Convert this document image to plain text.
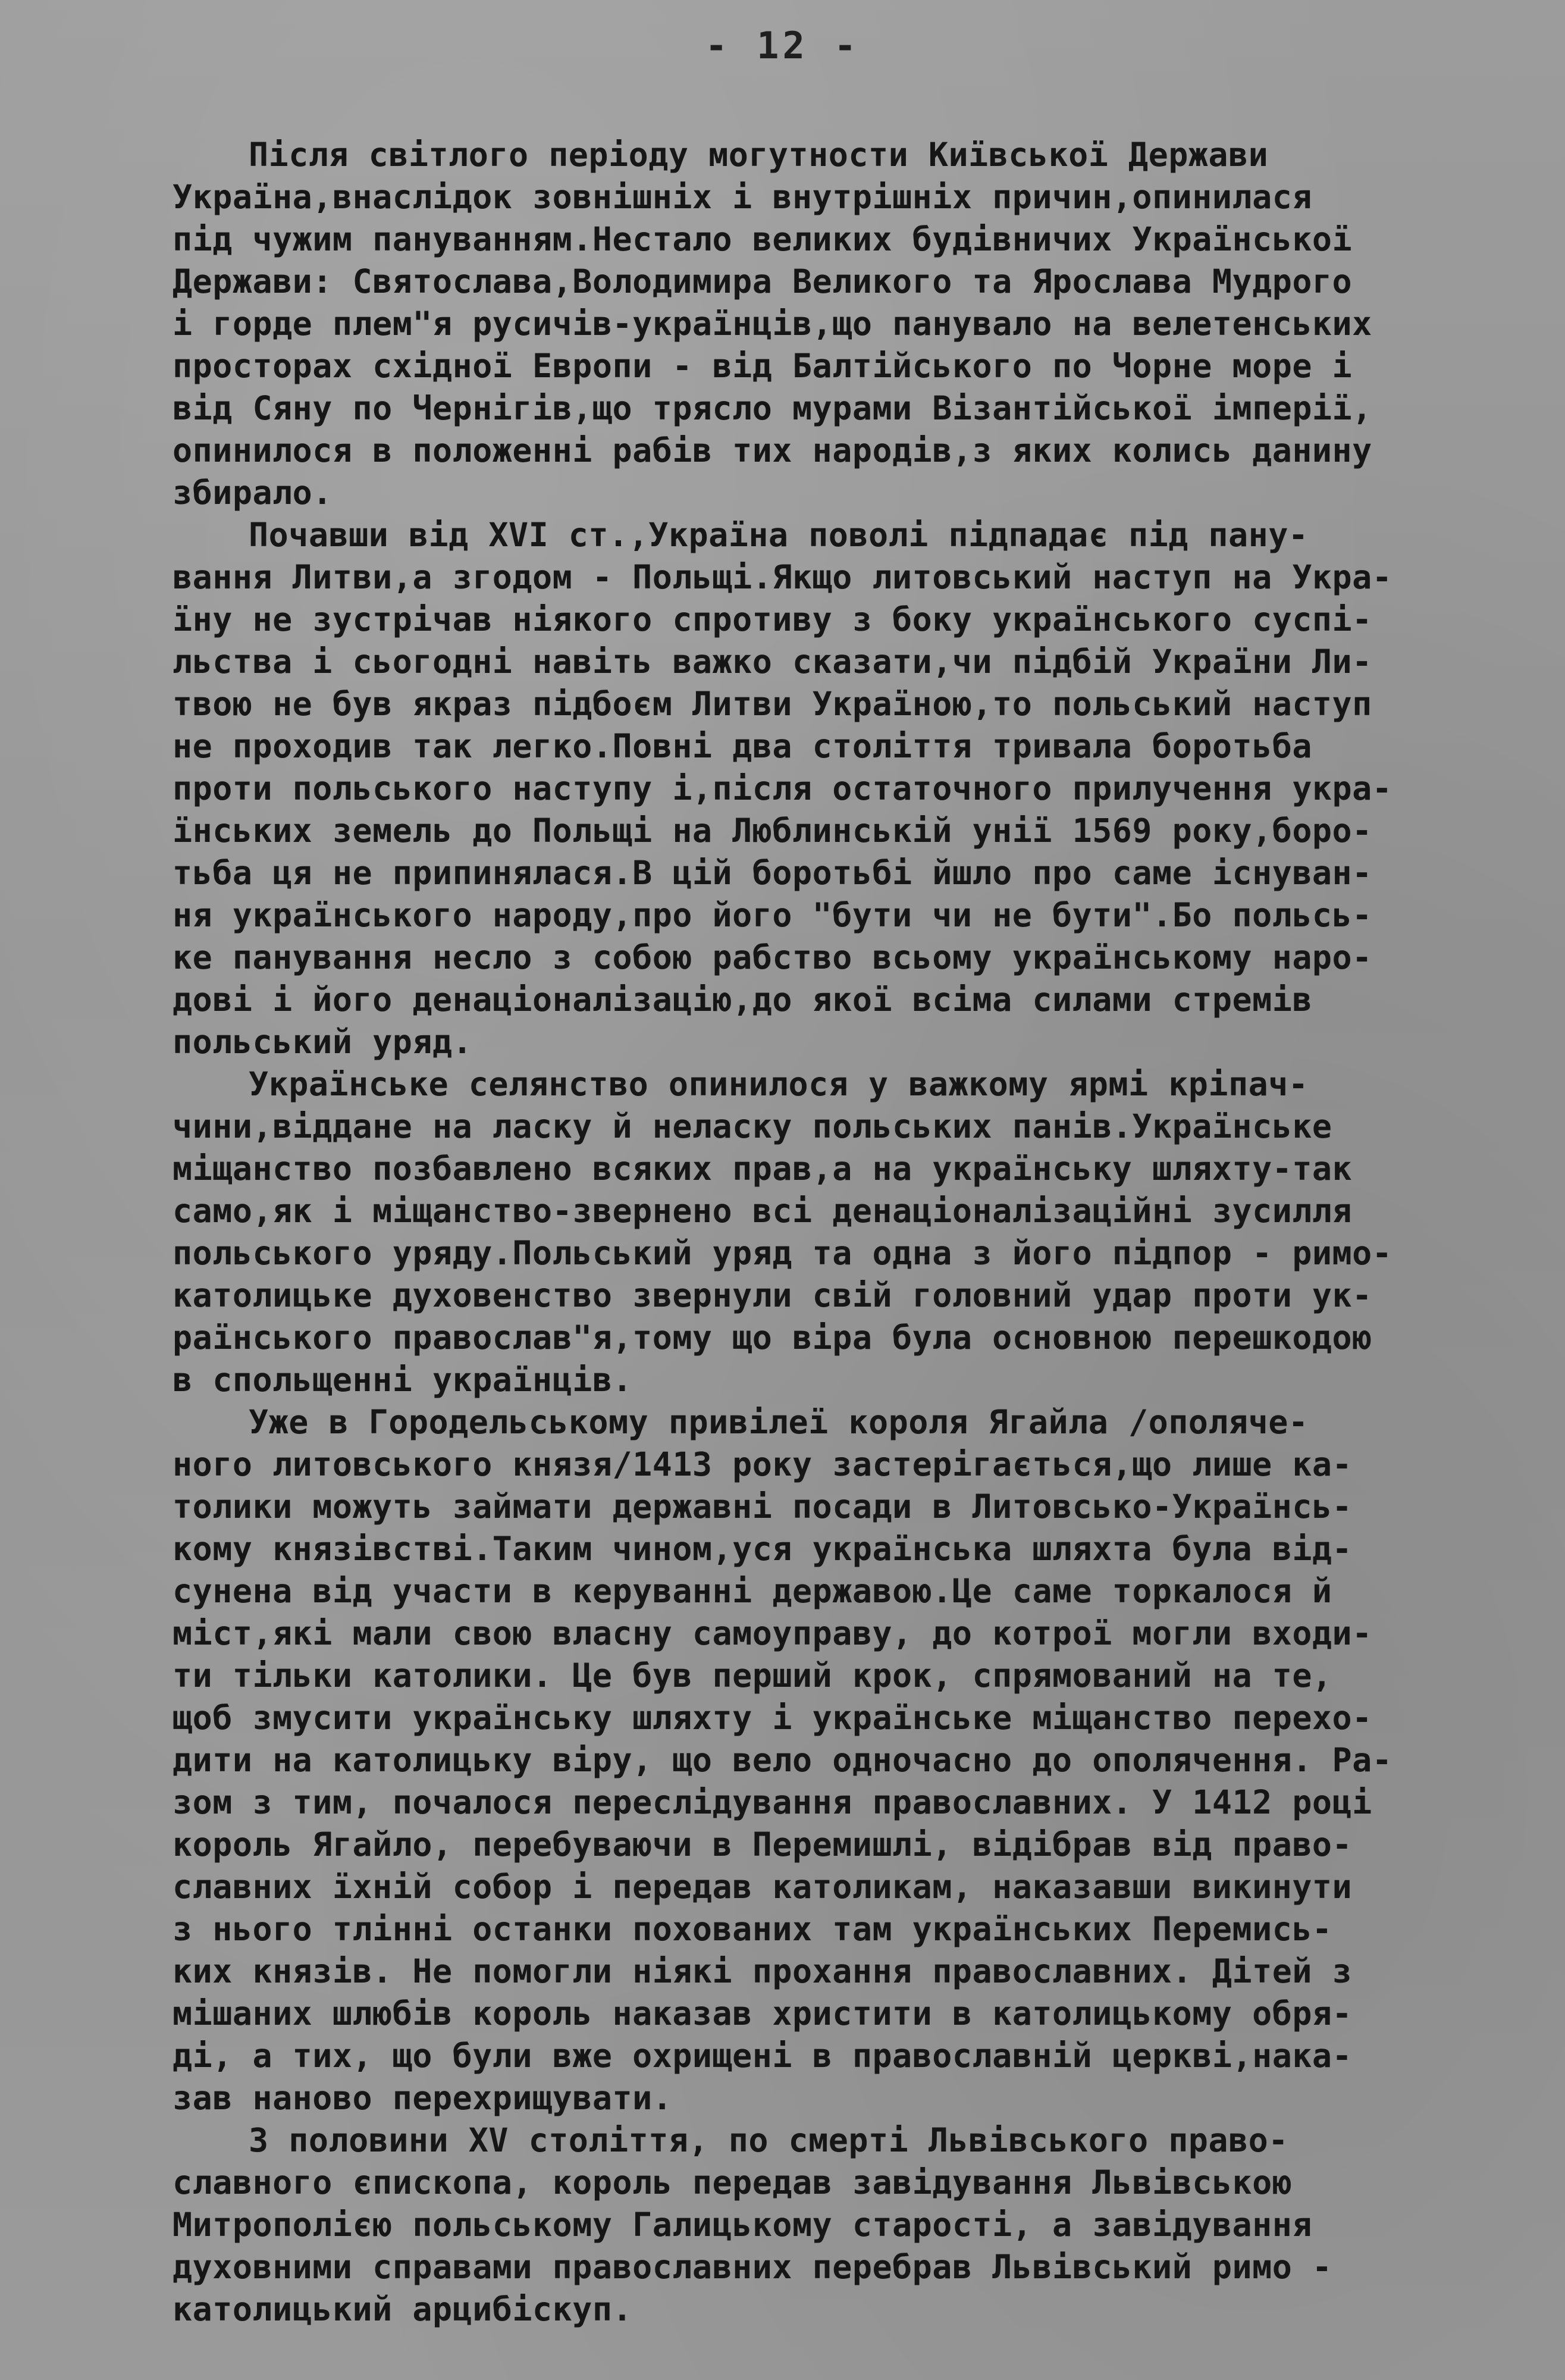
- 12 -
Після світлого періоду могутности Київської Держави
Україна,внаслідок зовнішніх і внутрішніх причин,опинилася
під чужим пануванням.Нестало великих будівничих Української
Держави: Святослава,Володимира Великого та Ярослава Мудрого
і горде плем"я русичів-українців,що панувало на велетенських
просторах східної Европи - від Балтійського по Чорне море і
від Сяну по Чернігів,що трясло мурами Візантійської імперії,
опинилося в положенні рабів тих народів,з яких колись данину
збирало.
Почавши від XVI ст.,Україна поволі підпадає під пану-
вання Литви,а згодом - Польщі.Якщо литовський наступ на Укра-
їну не зустрічав ніякого спротиву з боку українського суспі-
льства і сьогодні навіть важко сказати,чи підбій України Ли-
твою не був якраз підбоєм Литви Україною,то польський наступ
не проходив так легко.Повні два століття тривала боротьба
проти польського наступу і,після остаточного прилучення укра-
їнських земель до Польщі на Люблинській унії 1569 року,боро-
тьба ця не припинялася.В цій боротьбі йшло про саме існуван-
ня українського народу,про його "бути чи не бути".Бо польсь-
ке панування несло з собою рабство всьому українському наро-
дові і його денаціоналізацію,до якої всіма силами стремів
польський уряд.
Українське селянство опинилося у важкому ярмі кріпач-
чини,віддане на ласку й неласку польських панів.Українське
міщанство позбавлено всяких прав,а на українську шляхту-так
само,як і міщанство-звернено всі денаціоналізаційні зусилля
польського уряду.Польський уряд та одна з його підпор - римо-
католицьке духовенство звернули свій головний удар проти ук-
раїнського православ"я,тому що віра була основною перешкодою
в спольщенні українців.
Уже в Городельському привілеї короля Ягайла /ополяче-
ного литовського князя/1413 року застерігається,що лише ка-
толики можуть займати державні посади в Литовсько-Українсь-
кому князівстві.Таким чином,уся українська шляхта була від-
сунена від участи в керуванні державою.Це саме торкалося й
міст,які мали свою власну самоуправу, до котрої могли входи-
ти тільки католики. Це був перший крок, спрямований на те,
щоб змусити українську шляхту і українське міщанство перехо-
дити на католицьку віру, що вело одночасно до ополячення. Ра-
зом з тим, почалося переслідування православних. У 1412 році
король Ягайло, перебуваючи в Перемишлі, відібрав від право-
славних їхній собор і передав католикам, наказавши викинути
з нього тлінні останки похованих там українських Перемись-
ких князів. Не помогли ніякі прохання православних. Дітей з
мішаних шлюбів король наказав христити в католицькому обря-
ді, а тих, що були вже охрищені в православній церкві,нака-
зав наново перехрищувати.
З половини XV століття, по смерті Львівського право-
славного єпископа, король передав завідування Львівською
Митрополією польському Галицькому старості, а завідування
духовними справами православних перебрав Львівський римо -
католицький арцибіскуп.
